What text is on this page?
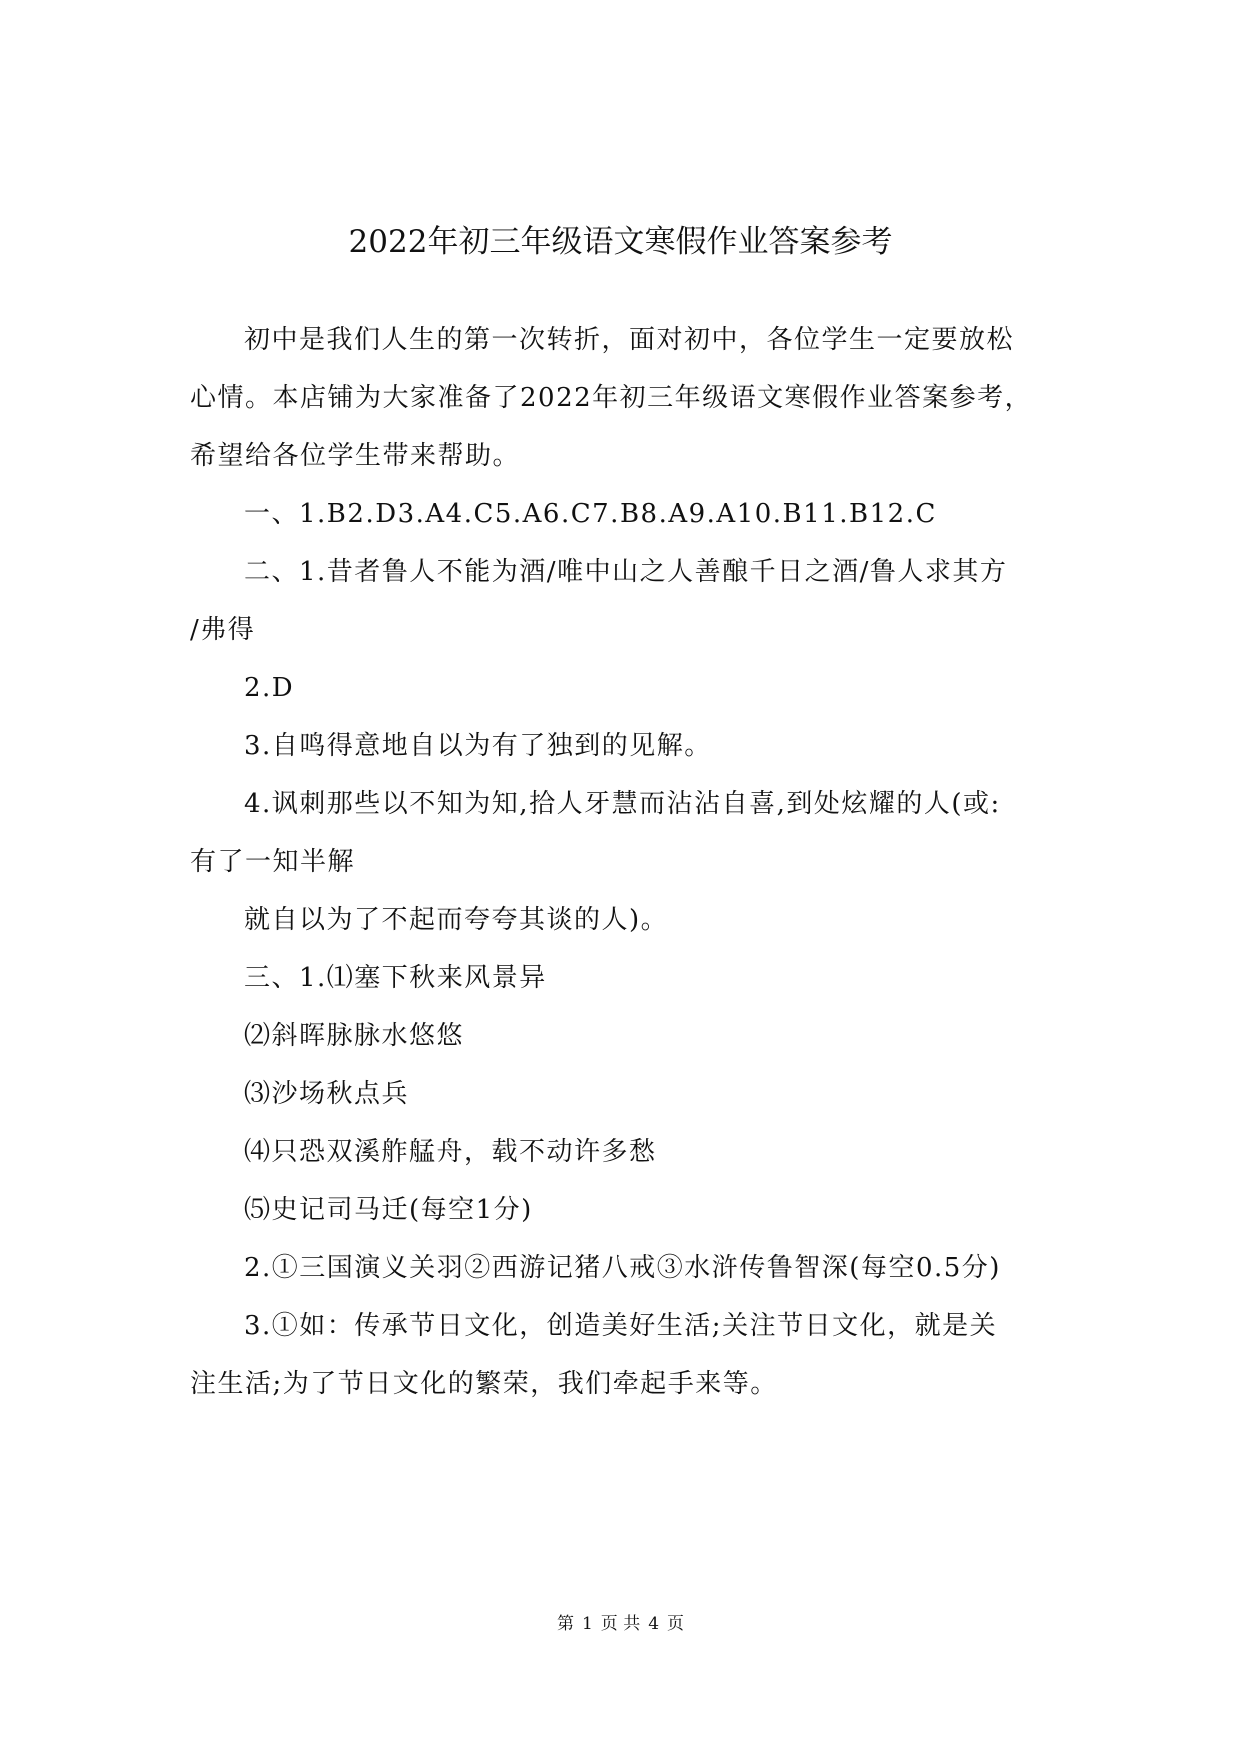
2022年初三年级语文寒假作业答案参考
初中是我们人生的第一次转折，面对初中，各位学生一定要放松
心情。本店铺为大家准备了2022年初三年级语文寒假作业答案参考，
希望给各位学生带来帮助。
一、1.B2.D3.A4.C5.A6.C7.B8.A9.A10.B11.B12.C
二、1.昔者鲁人不能为酒/唯中山之人善酿千日之酒/鲁人求其方
/弗得
2.D
3.自鸣得意地自以为有了独到的见解。
4.讽刺那些以不知为知,拾人牙慧而沾沾自喜,到处炫耀的人(或:
有了一知半解
就自以为了不起而夸夸其谈的人)。
三、1.⑴塞下秋来风景异
⑵斜晖脉脉水悠悠
⑶沙场秋点兵
⑷只恐双溪舴艋舟，载不动许多愁
⑸史记司马迁(每空1分)
2.①三国演义关羽②西游记猪八戒③水浒传鲁智深(每空0.5分)
3.①如：传承节日文化，创造美好生活;关注节日文化，就是关
注生活;为了节日文化的繁荣，我们牵起手来等。
第 1 页 共 4 页
